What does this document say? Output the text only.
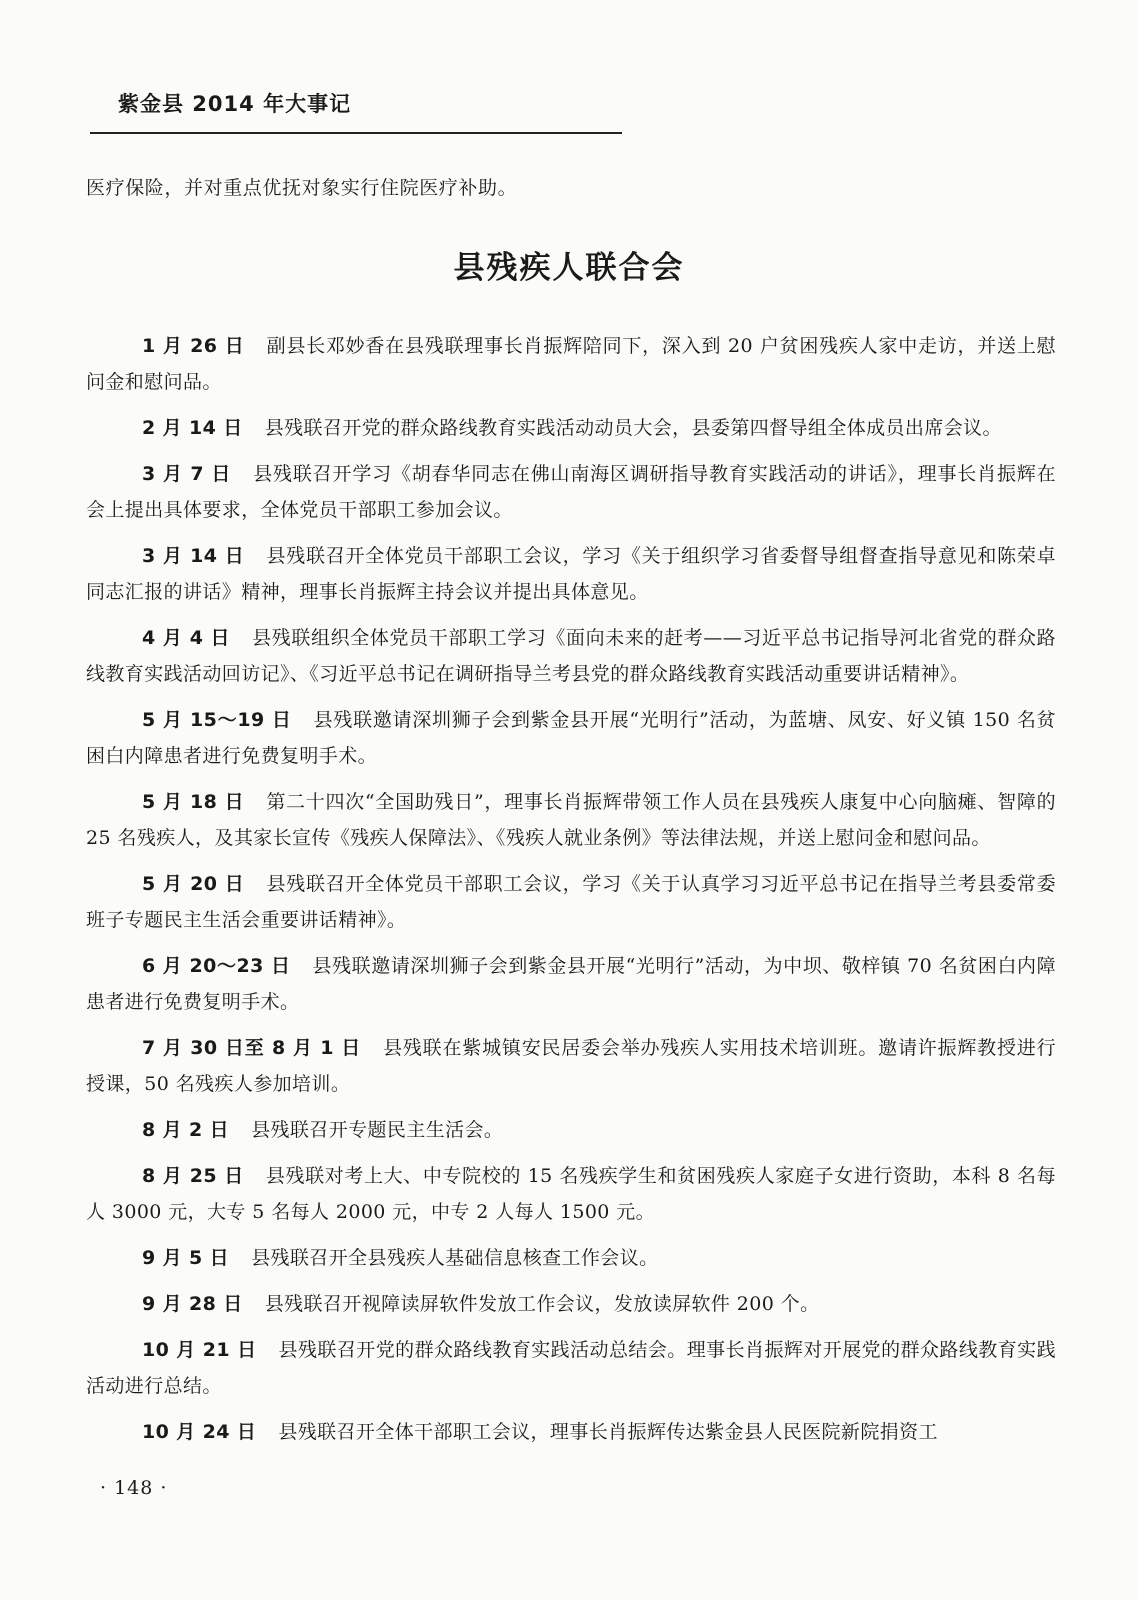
紫金县 2014 年大事记
医疗保险，并对重点优抚对象实行住院医疗补助。
县残疾人联合会

1 月 26 日 副县长邓妙香在县残联理事长肖振辉陪同下，深入到 20 户贫困残疾人家中走访，并送上慰问金和慰问品。

2 月 14 日 县残联召开党的群众路线教育实践活动动员大会，县委第四督导组全体成员出席会议。

3 月 7 日 县残联召开学习《胡春华同志在佛山南海区调研指导教育实践活动的讲话》，理事长肖振辉在会上提出具体要求，全体党员干部职工参加会议。

3 月 14 日 县残联召开全体党员干部职工会议，学习《关于组织学习省委督导组督查指导意见和陈荣卓同志汇报的讲话》精神，理事长肖振辉主持会议并提出具体意见。

4 月 4 日 县残联组织全体党员干部职工学习《面向未来的赶考——习近平总书记指导河北省党的群众路线教育实践活动回访记》、《习近平总书记在调研指导兰考县党的群众路线教育实践活动重要讲话精神》。

5 月 15～19 日 县残联邀请深圳狮子会到紫金县开展“光明行”活动，为蓝塘、凤安、好义镇 150 名贫困白内障患者进行免费复明手术。

5 月 18 日 第二十四次“全国助残日”，理事长肖振辉带领工作人员在县残疾人康复中心向脑瘫、智障的 25 名残疾人，及其家长宣传《残疾人保障法》、《残疾人就业条例》等法律法规，并送上慰问金和慰问品。

5 月 20 日 县残联召开全体党员干部职工会议，学习《关于认真学习习近平总书记在指导兰考县委常委班子专题民主生活会重要讲话精神》。

6 月 20～23 日 县残联邀请深圳狮子会到紫金县开展“光明行”活动，为中坝、敬梓镇 70 名贫困白内障患者进行免费复明手术。

7 月 30 日至 8 月 1 日 县残联在紫城镇安民居委会举办残疾人实用技术培训班。邀请许振辉教授进行授课，50 名残疾人参加培训。

8 月 2 日 县残联召开专题民主生活会。

8 月 25 日 县残联对考上大、中专院校的 15 名残疾学生和贫困残疾人家庭子女进行资助，本科 8 名每人 3000 元，大专 5 名每人 2000 元，中专 2 人每人 1500 元。

9 月 5 日 县残联召开全县残疾人基础信息核查工作会议。

9 月 28 日 县残联召开视障读屏软件发放工作会议，发放读屏软件 200 个。

10 月 21 日 县残联召开党的群众路线教育实践活动总结会。理事长肖振辉对开展党的群众路线教育实践活动进行总结。

10 月 24 日 县残联召开全体干部职工会议，理事长肖振辉传达紫金县人民医院新院捐资工

· 148 ·
